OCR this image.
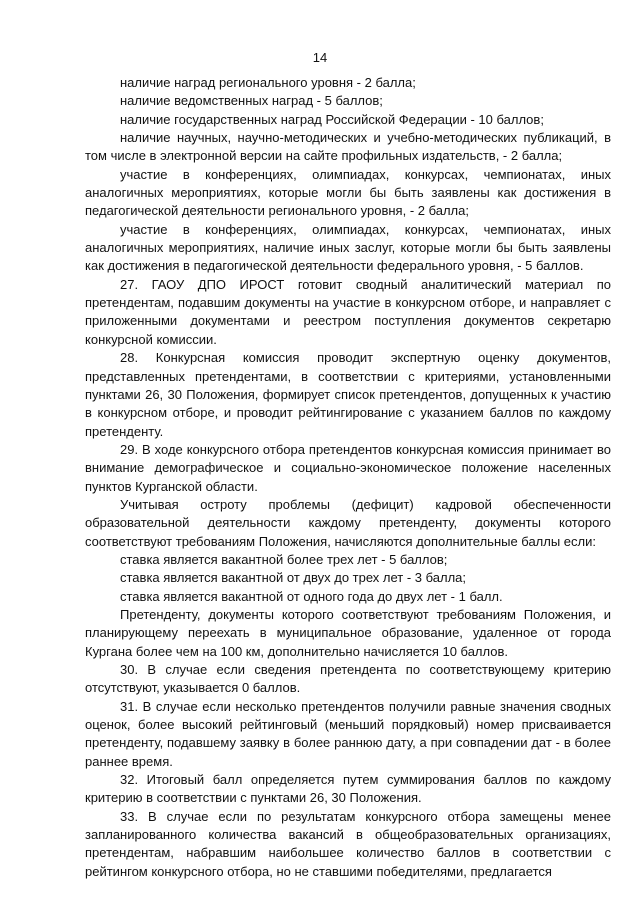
14

наличие наград регионального уровня - 2 балла;

наличие ведомственных наград - 5 баллов;

наличие государственных наград Российской Федерации - 10 баллов;

наличие научных, научно-методических и учебно-методических публикаций, в том числе в электронной версии на сайте профильных издательств, - 2 балла;

участие в конференциях, олимпиадах, конкурсах, чемпионатах, иных аналогичных мероприятиях, которые могли бы быть заявлены как достижения в педагогической деятельности регионального уровня, - 2 балла;

участие в конференциях, олимпиадах, конкурсах, чемпионатах, иных аналогичных мероприятиях, наличие иных заслуг, которые могли бы быть заявлены как достижения в педагогической деятельности федерального уровня, - 5 баллов.

27. ГАОУ ДПО ИРОСТ готовит сводный аналитический материал по претендентам, подавшим документы на участие в конкурсном отборе, и направляет с приложенными документами и реестром поступления документов секретарю конкурсной комиссии.

28. Конкурсная комиссия проводит экспертную оценку документов, представленных претендентами, в соответствии с критериями, установленными пунктами 26, 30 Положения, формирует список претендентов, допущенных к участию в конкурсном отборе, и проводит рейтингирование с указанием баллов по каждому претенденту.

29. В ходе конкурсного отбора претендентов конкурсная комиссия принимает во внимание демографическое и социально-экономическое положение населенных пунктов Курганской области.

Учитывая остроту проблемы (дефицит) кадровой обеспеченности образовательной деятельности каждому претенденту, документы которого соответствуют требованиям Положения, начисляются дополнительные баллы если:

ставка является вакантной более трех лет - 5 баллов;

ставка является вакантной от двух до трех лет - 3 балла;

ставка является вакантной от одного года до двух лет - 1 балл.

Претенденту, документы которого соответствуют требованиям Положения, и планирующему переехать в муниципальное образование, удаленное от города Кургана более чем на 100 км, дополнительно начисляется 10 баллов.

30. В случае если сведения претендента по соответствующему критерию отсутствуют, указывается 0 баллов.

31. В случае если несколько претендентов получили равные значения сводных оценок, более высокий рейтинговый (меньший порядковый) номер присваивается претенденту, подавшему заявку в более раннюю дату, а при совпадении дат - в более раннее время.

32. Итоговый балл определяется путем суммирования баллов по каждому критерию в соответствии с пунктами 26, 30 Положения.

33. В случае если по результатам конкурсного отбора замещены менее запланированного количества вакансий в общеобразовательных организациях, претендентам, набравшим наибольшее количество баллов в соответствии с рейтингом конкурсного отбора, но не ставшими победителями, предлагается
